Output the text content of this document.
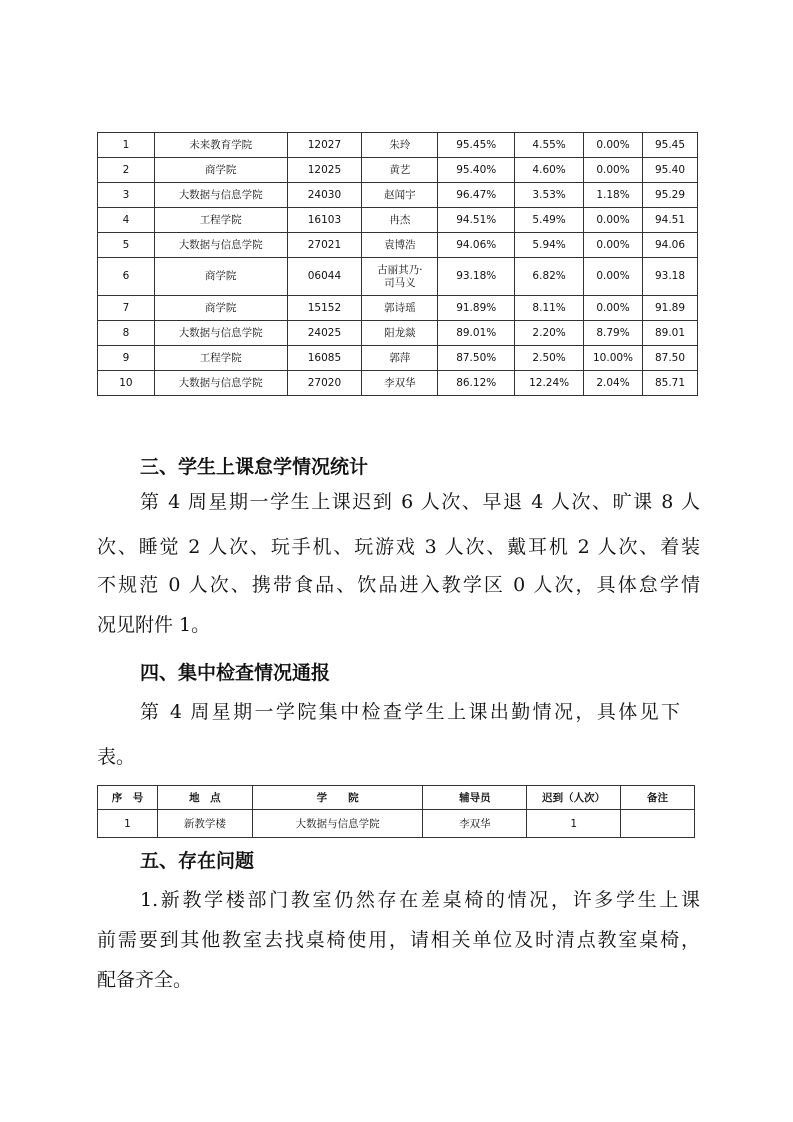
1	未来教育学院	12027	朱玲	95.45%	4.55%	0.00%	95.45
2	商学院	12025	黄艺	95.40%	4.60%	0.00%	95.40
3	大数据与信息学院	24030	赵闻宇	96.47%	3.53%	1.18%	95.29
4	工程学院	16103	冉杰	94.51%	5.49%	0.00%	94.51
5	大数据与信息学院	27021	袁博浩	94.06%	5.94%	0.00%	94.06
6	商学院	06044	古丽其乃·司马义	93.18%	6.82%	0.00%	93.18
7	商学院	15152	郭诗瑶	91.89%	8.11%	0.00%	91.89
8	大数据与信息学院	24025	阳龙燚	89.01%	2.20%	8.79%	89.01
9	工程学院	16085	郭萍	87.50%	2.50%	10.00%	87.50
10	大数据与信息学院	27020	李双华	86.12%	12.24%	2.04%	85.71
三、学生上课怠学情况统计
第 4 周星期一学生上课迟到 6 人次、早退 4 人次、旷课 8 人
次、睡觉 2 人次、玩手机、玩游戏 3 人次、戴耳机 2 人次、着装
不规范 0 人次、携带食品、饮品进入教学区 0 人次，具体怠学情
况见附件 1。
四、集中检查情况通报
第 4 周星期一学院集中检查学生上课出勤情况，具体见下
表。
序　号	地　点	学　　院	辅导员	迟到（人次）	备注
1	新教学楼	大数据与信息学院	李双华	1	
五、存在问题
1.新教学楼部门教室仍然存在差桌椅的情况，许多学生上课
前需要到其他教室去找桌椅使用，请相关单位及时清点教室桌椅，
配备齐全。
